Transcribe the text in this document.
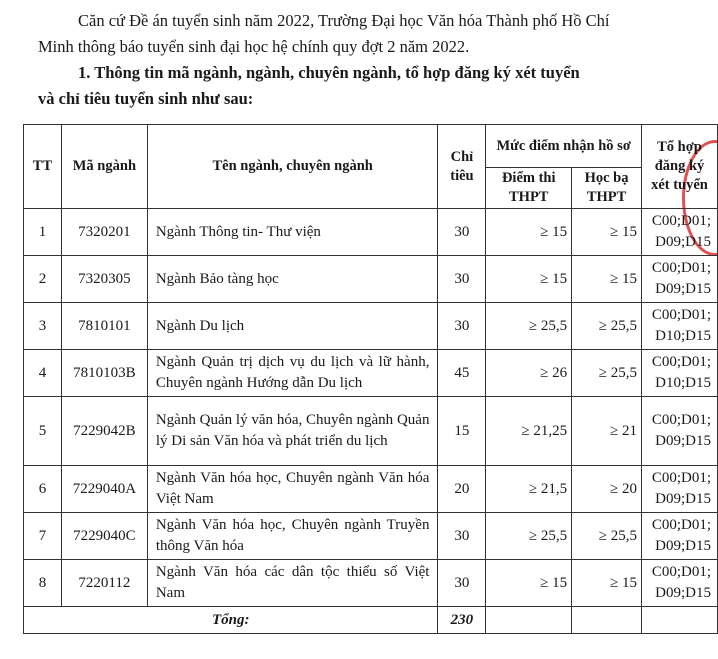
Căn cứ Đề án tuyển sinh năm 2022, Trường Đại học Văn hóa Thành phố Hồ Chí
Minh thông báo tuyển sinh đại học hệ chính quy đợt 2 năm 2022.
1. Thông tin mã ngành, ngành, chuyên ngành, tổ hợp đăng ký xét tuyển
và chỉ tiêu tuyển sinh như sau:
TT	Mã ngành	Tên ngành, chuyên ngành	Chỉ tiêu	Mức điểm nhận hồ sơ		Tổ hợp đăng ký xét tuyển
				Điểm thi THPT	Học bạ THPT	
1	7320201	Ngành Thông tin- Thư viện	30	≥ 15	≥ 15	C00;D01;
D09;D15

2	7320305	Ngành Bảo tàng học	30	≥ 15	≥ 15	C00;D01;
D09;D15

3	7810101	Ngành Du lịch	30	≥ 25,5	≥ 25,5	C00;D01;
D10;D15

4	7810103B	Ngành Quản trị dịch vụ du lịch và lữ hành, Chuyên ngành Hướng dẫn Du lịch	45	≥ 26	≥ 25,5	C00;D01;
D10;D15

5	7229042B	Ngành Quản lý văn hóa, Chuyên ngành Quản lý Di sản Văn hóa và phát triển du lịch	15	≥ 21,25	≥ 21	C00;D01;
D09;D15

6	7229040A	Ngành Văn hóa học, Chuyên ngành Văn hóa Việt Nam	20	≥ 21,5	≥ 20	C00;D01;
D09;D15

7	7229040C	Ngành Văn hóa học, Chuyên ngành Truyền thông Văn hóa	30	≥ 25,5	≥ 25,5	C00;D01;
D09;D15

8	7220112	Ngành Văn hóa các dân tộc thiểu số Việt Nam	30	≥ 15	≥ 15	C00;D01;
D09;D15

Tổng:			230			
